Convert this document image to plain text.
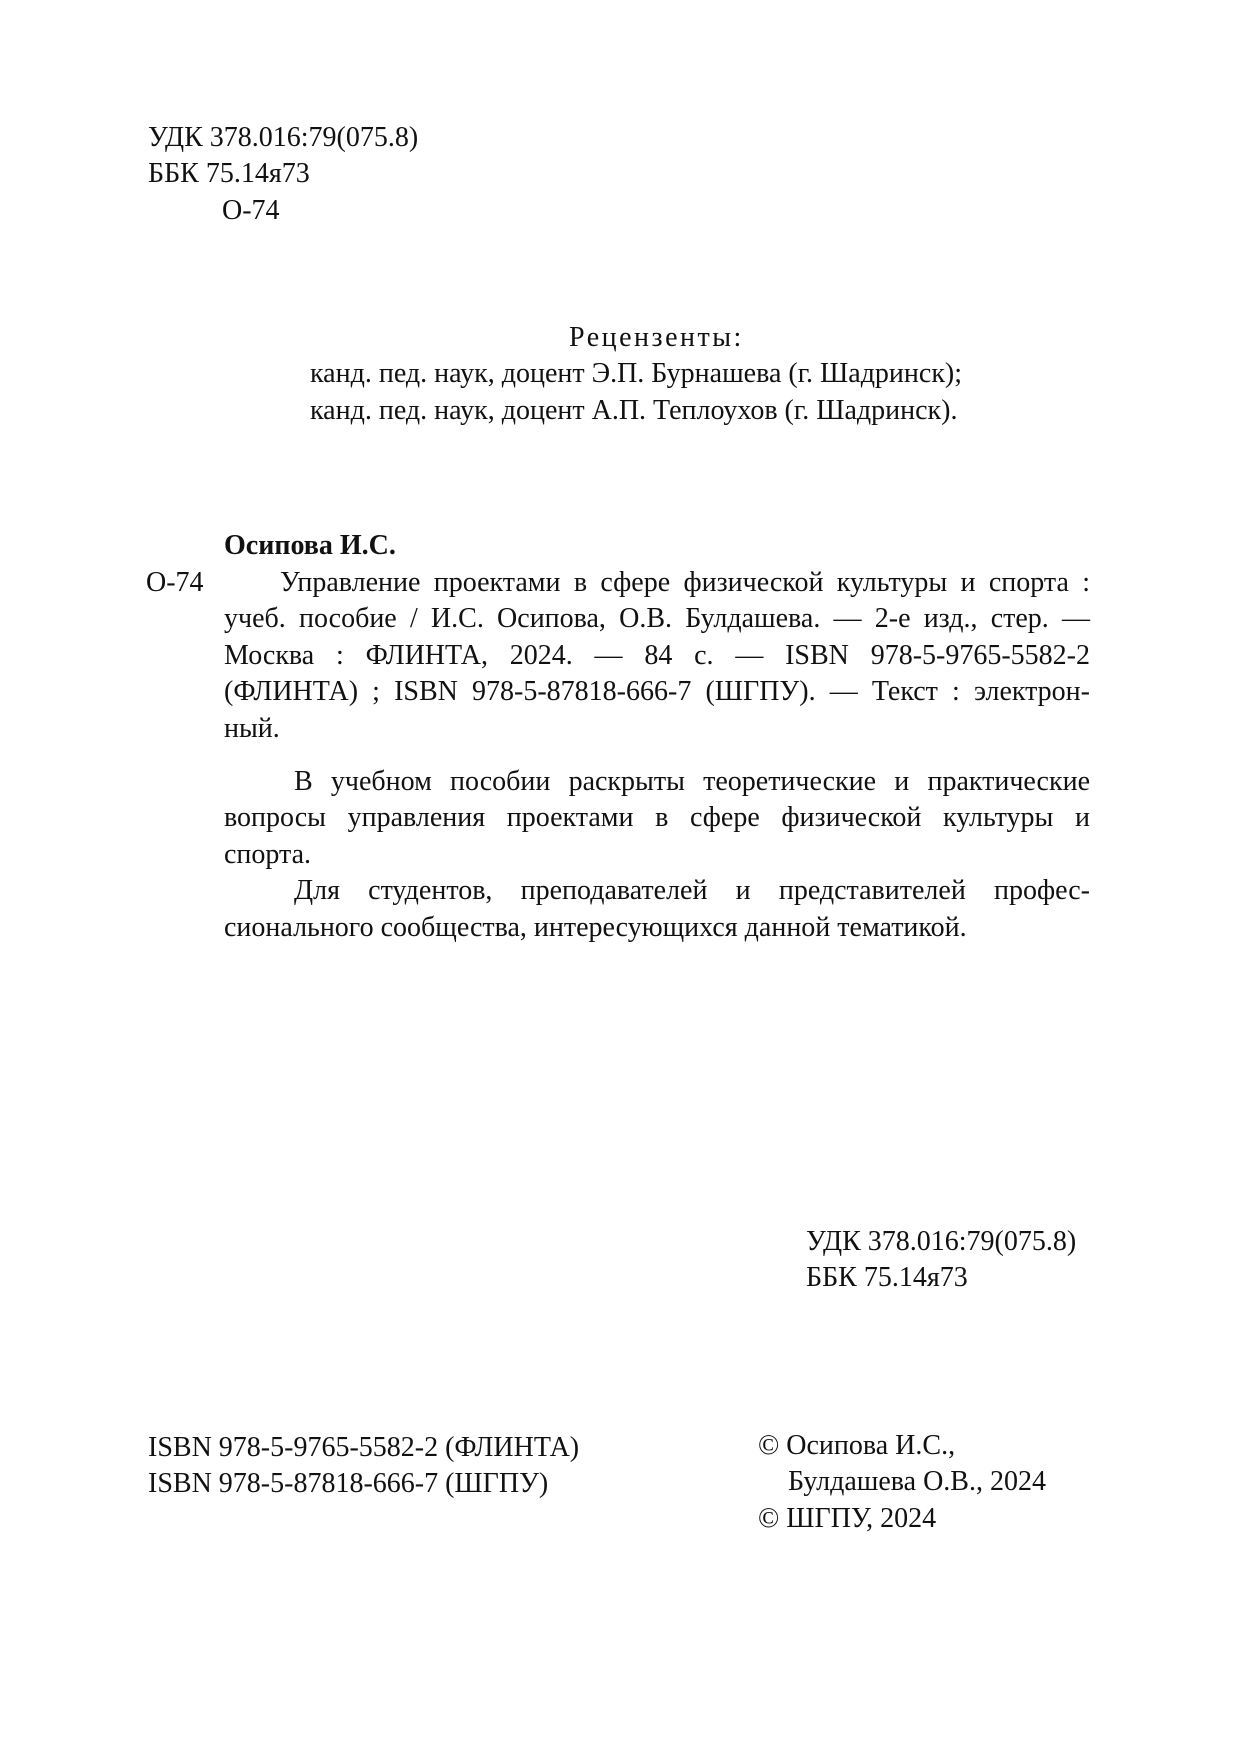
УДК 378.016:79(075.8)
ББК 75.14я73
О-74
Рецензенты:
канд. пед. наук, доцент Э.П. Бурнашева (г. Шадринск);
канд. пед. наук, доцент А.П. Теплоухов (г. Шадринск).
Осипова И.С.
О-74	Управление проектами в сфере физической культуры и спорта :
учеб. пособие / И.С. Осипова, О.В. Булдашева. — 2-е изд., стер. —
Москва : ФЛИНТА, 2024. — 84 с. — ISBN 978-5-9765-5582-2
(ФЛИНТА) ; ISBN 978-5-87818-666-7 (ШГПУ). — Текст : электрон-
ный.
В учебном пособии раскрыты теоретические и практические
вопросы управления проектами в сфере физической культуры и
спорта.
Для студентов, преподавателей и представителей профес-
сионального сообщества, интересующихся данной тематикой.
УДК 378.016:79(075.8)
ББК 75.14я73
ISBN 978-5-9765-5582-2 (ФЛИНТА)
ISBN 978-5-87818-666-7 (ШГПУ)
© Осипова И.С.,
Булдашева О.В., 2024
© ШГПУ, 2024
